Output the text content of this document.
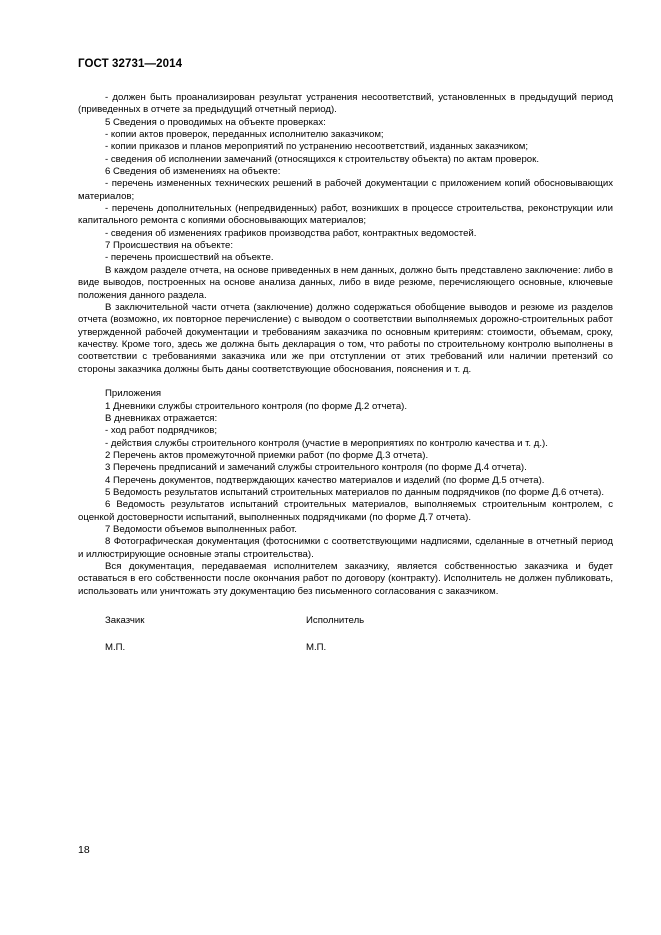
ГОСТ 32731—2014

- должен быть проанализирован результат устранения несоответствий, установленных в предыдущий период (приведенных в отчете за предыдущий отчетный период).

5 Сведения о проводимых на объекте проверках:

- копии актов проверок, переданных исполнителю заказчиком;

- копии приказов и планов мероприятий по устранению несоответствий, изданных заказчиком;

- сведения об исполнении замечаний (относящихся к строительству объекта) по актам проверок.

6 Сведения об изменениях на объекте:

- перечень измененных технических решений в рабочей документации с приложением копий обосновывающих материалов;

- перечень дополнительных (непредвиденных) работ, возникших в процессе строительства, реконструкции или капитального ремонта с копиями обосновывающих материалов;

- сведения об изменениях графиков производства работ, контрактных ведомостей.

7 Происшествия на объекте:

- перечень происшествий на объекте.

В каждом разделе отчета, на основе приведенных в нем данных, должно быть представлено заключение: либо в виде выводов, построенных на основе анализа данных, либо в виде резюме, перечисляющего основные, ключевые положения данного раздела.

В заключительной части отчета (заключение) должно содержаться обобщение выводов и резюме из разделов отчета (возможно, их повторное перечисление) с выводом о соответствии выполняемых дорожно-строительных работ утвержденной рабочей документации и требованиям заказчика по основным критериям: стоимости, объемам, сроку, качеству. Кроме того, здесь же должна быть декларация о том, что работы по строительному контролю выполнены в соответствии с требованиями заказчика или же при отступлении от этих требований или наличии претензий со стороны заказчика должны быть даны соответствующие обоснования, пояснения и т. д.

Приложения

1 Дневники службы строительного контроля (по форме Д.2 отчета).

В дневниках отражается:

- ход работ подрядчиков;

- действия службы строительного контроля (участие в мероприятиях по контролю качества и т. д.).

2 Перечень актов промежуточной приемки работ (по форме Д.3 отчета).

3 Перечень предписаний и замечаний службы строительного контроля (по форме Д.4 отчета).

4 Перечень документов, подтверждающих качество материалов и изделий (по форме Д.5 отчета).

5 Ведомость результатов испытаний строительных материалов по данным подрядчиков (по форме Д.6 отчета).

6 Ведомость результатов испытаний строительных материалов, выполняемых строительным контролем, с оценкой достоверности испытаний, выполненных подрядчиками (по форме Д.7 отчета).

7 Ведомости объемов выполненных работ.

8 Фотографическая документация (фотоснимки с соответствующими надписями, сделанные в отчетный период и иллюстрирующие основные этапы строительства).

Вся документация, передаваемая исполнителем заказчику, является собственностью заказчика и будет оставаться в его собственности после окончания работ по договору (контракту). Исполнитель не должен публиковать, использовать или уничтожать эту документацию без письменного согласования с заказчиком.

Заказчик	Исполнитель
М.П.	М.П.
18
